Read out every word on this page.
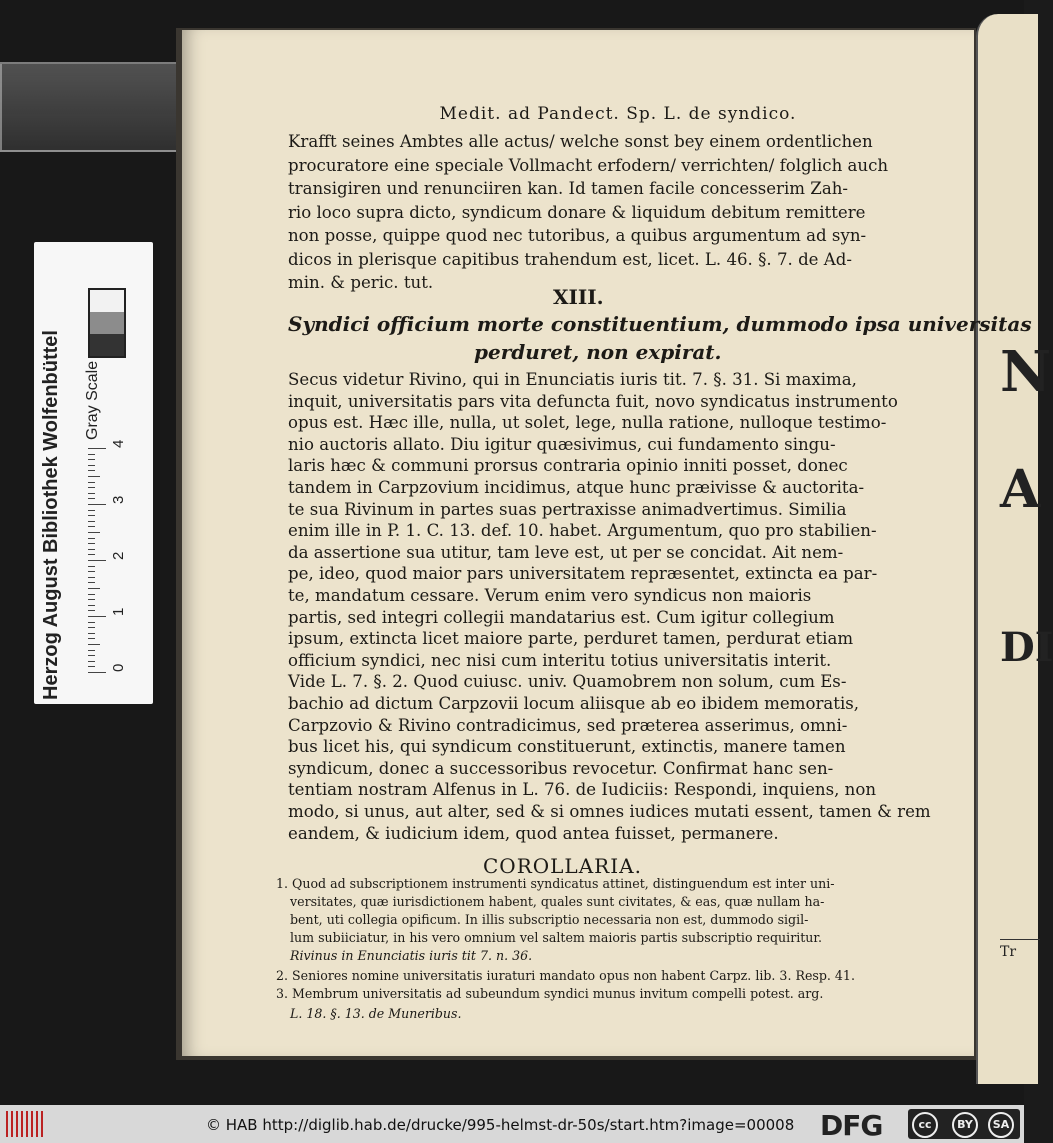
Herzog August Bibliothek Wolfenbüttel Gray Scale
0
1
2
3
4
N
A
DI
Tr
Medit. ad Pandect. Sp. L. de syndico.
Krafft seines Ambtes alle actus/ welche sonst bey einem ordentlichen
procuratore eine speciale Vollmacht erfodern/ verrichten/ folglich auch
transigiren und renunciiren kan. Id tamen facile concesserim Zah-
rio loco supra dicto, syndicum donare & liquidum debitum remittere
non posse, quippe quod nec tutoribus, a quibus argumentum ad syn-
dicos in plerisque capitibus trahendum est, licet. L. 46. §. 7. de Ad-
min. & peric. tut.
XIII.
Syndici officium morte constituentium, dummodo ipsa universitas
perduret, non expirat.
Secus videtur Rivino, qui in Enunciatis iuris tit. 7. §. 31. Si maxima,
inquit, universitatis pars vita defuncta fuit, novo syndicatus instrumento
opus est. Hæc ille, nulla, ut solet, lege, nulla ratione, nulloque testimo-
nio auctoris allato. Diu igitur quæsivimus, cui fundamento singu-
laris hæc & communi prorsus contraria opinio inniti posset, donec
tandem in Carpzovium incidimus, atque hunc præivisse & auctorita-
te sua Rivinum in partes suas pertraxisse animadvertimus. Similia
enim ille in P. 1. C. 13. def. 10. habet. Argumentum, quo pro stabilien-
da assertione sua utitur, tam leve est, ut per se concidat. Ait nem-
pe, ideo, quod maior pars universitatem repræsentet, extincta ea par-
te, mandatum cessare. Verum enim vero syndicus non maioris
partis, sed integri collegii mandatarius est. Cum igitur collegium
ipsum, extincta licet maiore parte, perduret tamen, perdurat etiam
officium syndici, nec nisi cum interitu totius universitatis interit.
Vide L. 7. §. 2. Quod cuiusc. univ. Quamobrem non solum, cum Es-
bachio ad dictum Carpzovii locum aliisque ab eo ibidem memoratis,
Carpzovio & Rivino contradicimus, sed præterea asserimus, omni-
bus licet his, qui syndicum constituerunt, extinctis, manere tamen
syndicum, donec a successoribus revocetur. Confirmat hanc sen-
tentiam nostram Alfenus in L. 76. de Iudiciis: Respondi, inquiens, non
modo, si unus, aut alter, sed & si omnes iudices mutati essent, tamen & rem
eandem, & iudicium idem, quod antea fuisset, permanere.
COROLLARIA.
1. Quod ad subscriptionem instrumenti syndicatus attinet, distinguendum est inter uni-
versitates, quæ iurisdictionem habent, quales sunt civitates, & eas, quæ nullam ha-
bent, uti collegia opificum. In illis subscriptio necessaria non est, dummodo sigil-
lum subiiciatur, in his vero omnium vel saltem maioris partis subscriptio requiritur.
Rivinus in Enunciatis iuris tit 7. n. 36.
2. Seniores nomine universitatis iuraturi mandato opus non habent Carpz. lib. 3. Resp. 41.
3. Membrum universitatis ad subeundum syndici munus invitum compelli potest. arg.
L. 18. §. 13. de Muneribus.
© HAB http://diglib.hab.de/drucke/995-helmst-dr-50s/start.htm?image=00008 DFG	cc	BY	SA
